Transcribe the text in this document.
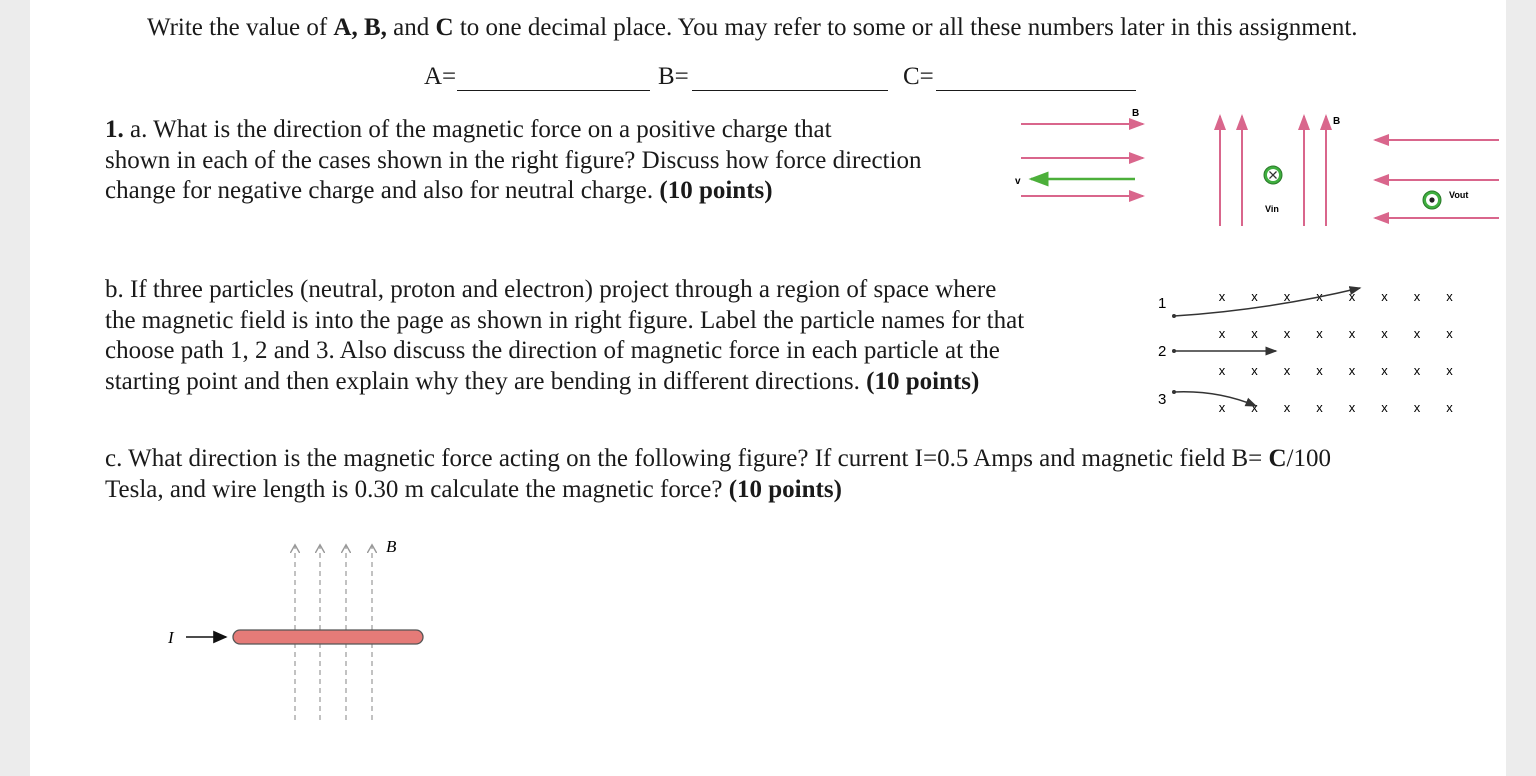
Write the value of A, B, and C to one decimal place. You may refer to some or all these numbers later in this assignment.
A=	B=	C=
1. a. What is the direction of the magnetic force on a positive charge that
shown in each of the cases shown in the right figure? Discuss how force direction
change for negative charge and also for neutral charge. (10 points)
B
v
Vin
B
Vout
b. If three particles (neutral, proton and electron) project through a region of space where
the magnetic field is into the page as shown in right figure. Label the particle names for that
choose path 1, 2 and 3. Also discuss the direction of magnetic force in each particle at the
starting point and then explain why they are bending in different directions. (10 points)
x x x x x x x x
x x x x x x x x
x x x x x x x x
x x x x x x x x
1
2
3
c. What direction is the magnetic force acting on the following figure? If current I=0.5 Amps and magnetic field B= C/100
Tesla, and wire length is 0.30 m calculate the magnetic force? (10 points)
B
I
